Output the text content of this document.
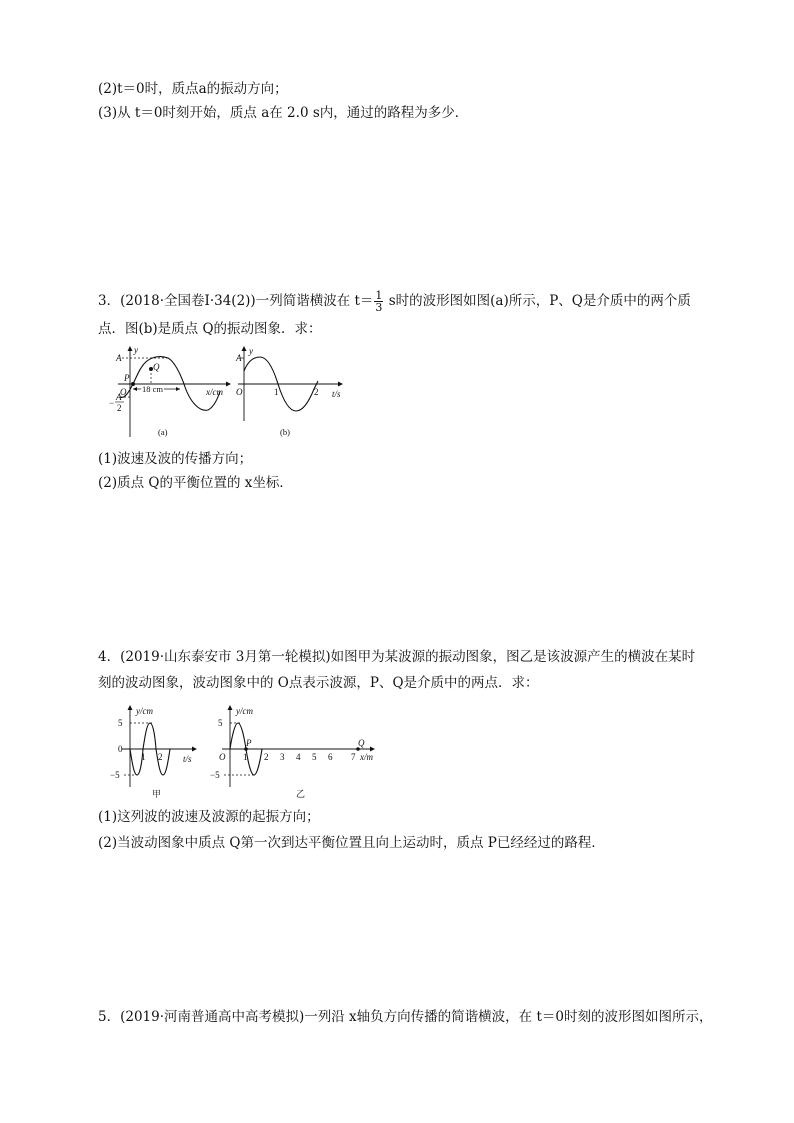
(2)t＝0时，质点a的振动方向；
(3)从 t＝0时刻开始，质点 a在 2.0 s内，通过的路程为多少．
3．(2018·全国卷Ⅰ·34(2))一列简谐横波在 $t= \frac{1}{3}$ s时的波形图如图(a)所示，P、Q是介质中的两个质
点．图(b)是质点 Q的振动图象．求：
y
x/cm
A
O
A
2
−
P
Q
18 cm
(a)
y
t/s
A
O	1	2
(b)
(1)波速及波的传播方向；
(2)质点 Q的平衡位置的 x坐标．
4．(2019·山东泰安市 3月第一轮模拟)如图甲为某波源的振动图象，图乙是该波源产生的横波在某时
刻的波动图象，波动图象中的 O点表示波源，P、Q是介质中的两点．求：
y/cm
t/s
5
−5
0
1 2
甲
y/cm
x/m
5
−5
O
P	Q
1 2 3 4 5 6 7
乙
(1)这列波的波速及波源的起振方向；
(2)当波动图象中质点 Q第一次到达平衡位置且向上运动时，质点 P已经经过的路程．
5．(2019·河南普通高中高考模拟)一列沿 x轴负方向传播的简谐横波，在 t＝0时刻的波形图如图所示，
